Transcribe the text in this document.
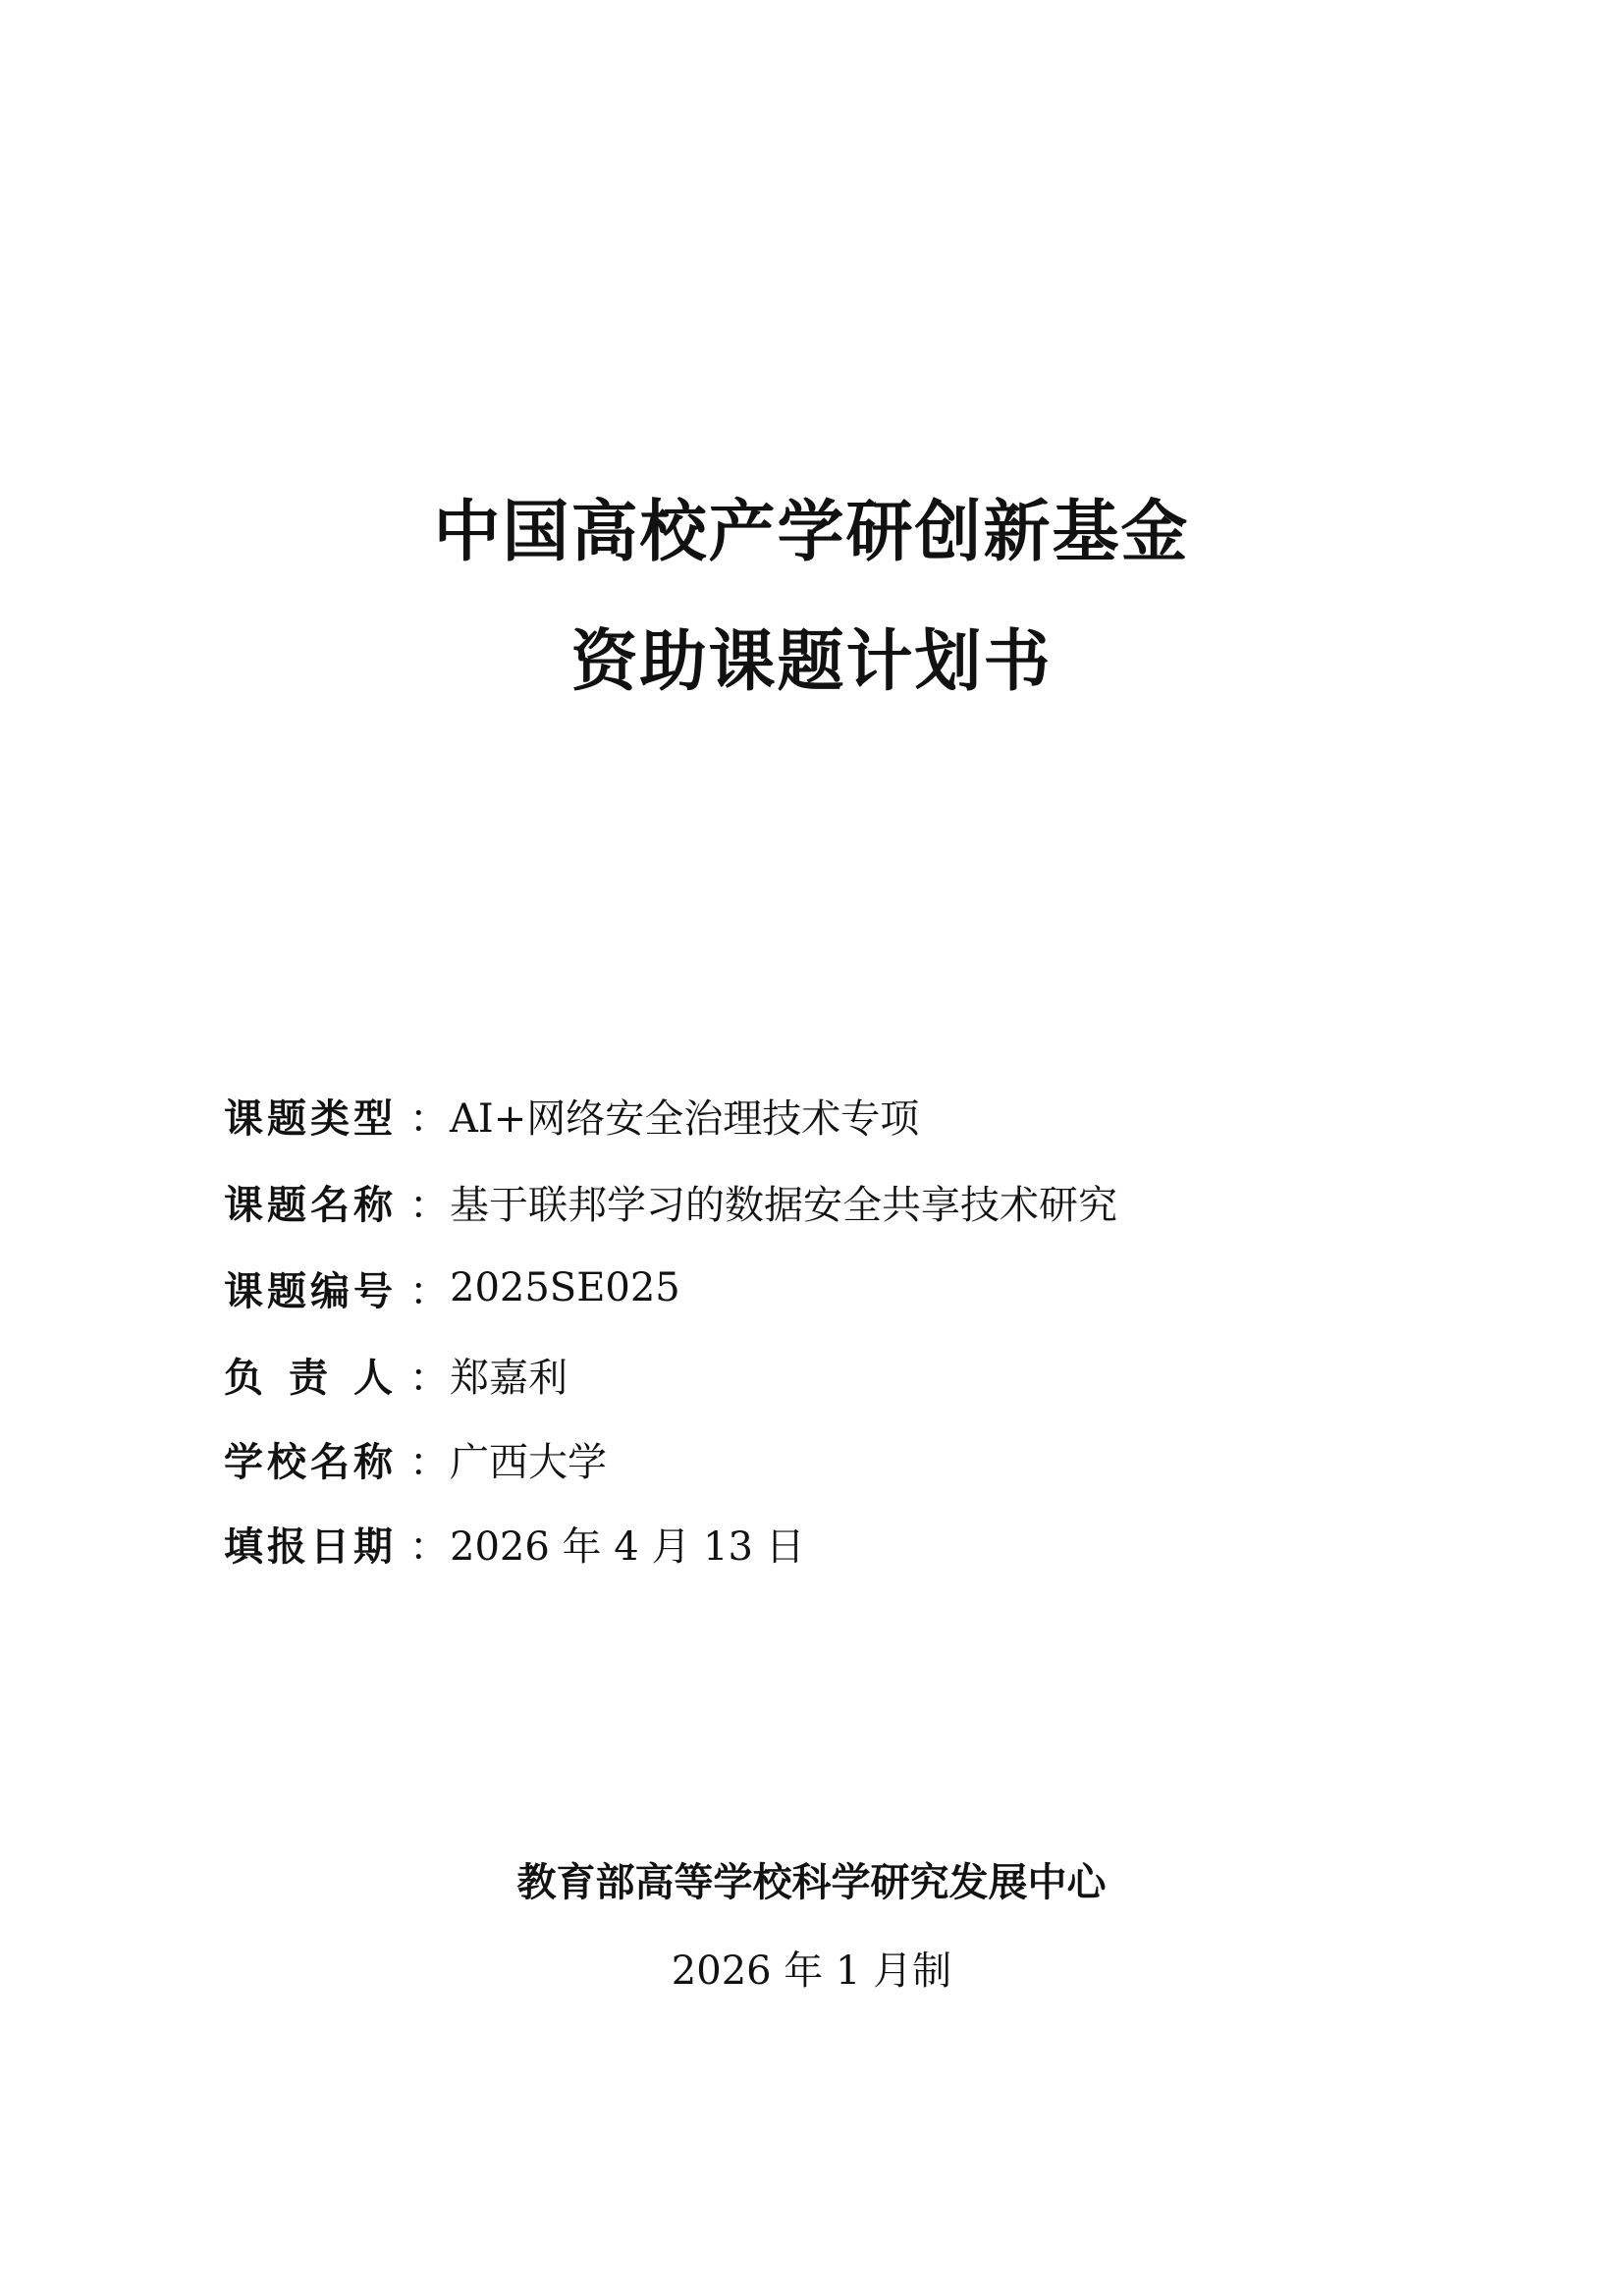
中国高校产学研创新基金
资助课题计划书
课题类型 ： AI+网络安全治理技术专项
课题名称 ： 基于联邦学习的数据安全共享技术研究
课题编号 ： 2025SE025
负责人 ： 郑嘉利
学校名称 ： 广西大学
填报日期 ： 2026 年 4 月 13 日
教育部高等学校科学研究发展中心
2026 年 1 月制
